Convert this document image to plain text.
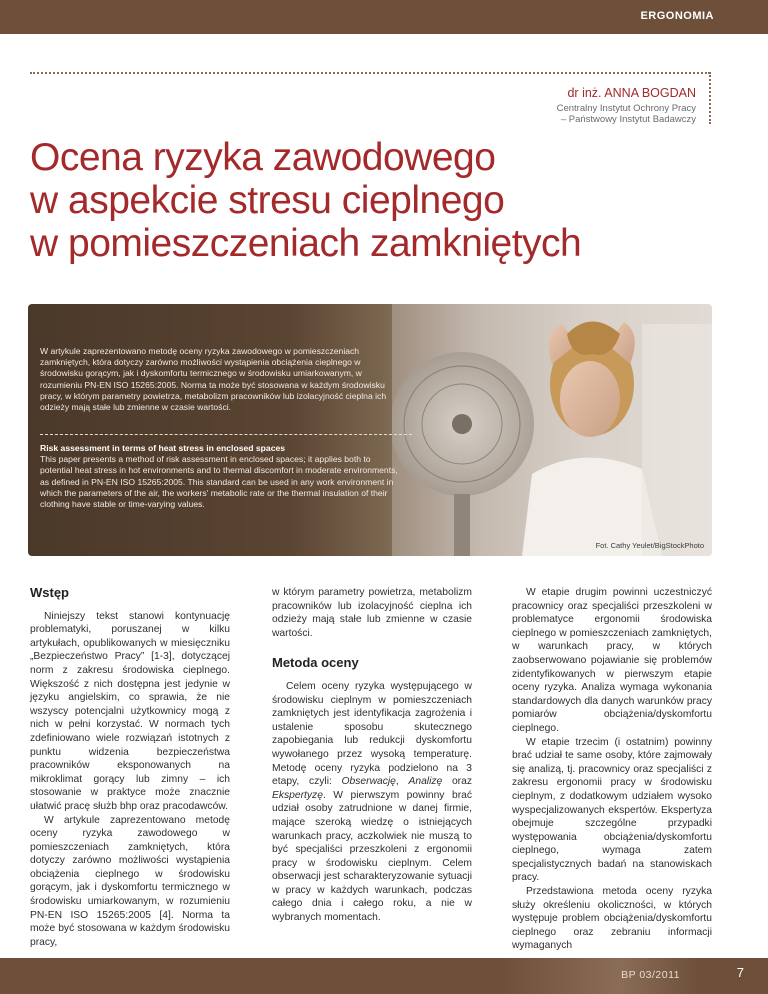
ERGONOMIA
dr inż. ANNA BOGDAN
Centralny Instytut Ochrony Pracy
– Państwowy Instytut Badawczy
Ocena ryzyka zawodowego
w aspekcie stresu cieplnego
w pomieszczeniach zamkniętych
W artykule zaprezentowano metodę oceny ryzyka zawodowego w pomieszczeniach zamkniętych, która dotyczy zarówno możliwości wystąpienia obciążenia cieplnego w środowisku gorącym, jak i dyskomfortu termicznego w środowisku umiarkowanym, w rozumieniu PN-EN ISO 15265:2005. Norma ta może być stosowana w każdym środowisku pracy, w którym parametry powietrza, metabolizm pracowników lub izolacyjność cieplna ich odzieży mają stałe lub zmienne w czasie wartości.
Risk assessment in terms of heat stress in enclosed spaces
This paper presents a method of risk assessment in enclosed spaces; it applies both to potential heat stress in hot environments and to thermal discomfort in moderate environments, as defined in PN-EN ISO 15265:2005. This standard can be used in any work environment in which the parameters of the air, the workers' metabolic rate or the thermal insulation of their clothing have stable or time-varying values.
Fot. Cathy Yeulet/BigStockPhoto
Wstęp

Niniejszy tekst stanowi kontynuację problematyki, poruszanej w kilku artykułach, opublikowanych w miesięczniku „Bezpieczeństwo Pracy” [1-3], dotyczącej norm z zakresu środowiska cieplnego. Większość z nich dostępna jest jedynie w języku angielskim, co sprawia, że nie wszyscy potencjalni użytkownicy mogą z nich w pełni korzystać. W normach tych zdefiniowano wiele rozwiązań istotnych z punktu widzenia bezpieczeństwa pracowników eksponowanych na mikroklimat gorący lub zimny – ich stosowanie w praktyce może znacznie ułatwić pracę służb bhp oraz pracodawców.

W artykule zaprezentowano metodę oceny ryzyka zawodowego w pomieszczeniach zamkniętych, która dotyczy zarówno możliwości wystąpienia obciążenia cieplnego w środowisku gorącym, jak i dyskomfortu termicznego w środowisku umiarkowanym, w rozumieniu PN-EN ISO 15265:2005 [4]. Norma ta może być stosowana w każdym środowisku pracy,

w którym parametry powietrza, metabolizm pracowników lub izolacyjność cieplna ich odzieży mają stałe lub zmienne w czasie wartości.

Metoda oceny

Celem oceny ryzyka występującego w środowisku cieplnym w pomieszczeniach zamkniętych jest identyfikacja zagrożenia i ustalenie sposobu skutecznego zapobiegania lub redukcji dyskomfortu wywołanego przez wysoką temperaturę. Metodę oceny ryzyka podzielono na 3 etapy, czyli: Obserwację, Analizę oraz Ekspertyzę. W pierwszym powinny brać udział osoby zatrudnione w danej firmie, mające szeroką wiedzę o istniejących warunkach pracy, aczkolwiek nie muszą to być specjaliści przeszkoleni z ergonomii pracy w środowisku cieplnym. Celem obserwacji jest scharakteryzowanie sytuacji w pracy w każdych warunkach, podczas całego dnia i całego roku, a nie w wybranych momentach.

W etapie drugim powinni uczestniczyć pracownicy oraz specjaliści przeszkoleni w problematyce ergonomii środowiska cieplnego w pomieszczeniach zamkniętych, w warunkach pracy, w których zaobserwowano pojawianie się problemów zidentyfikowanych w pierwszym etapie oceny ryzyka. Analiza wymaga wykonania standardowych dla danych warunków pracy pomiarów obciążenia/dyskomfortu cieplnego.

W etapie trzecim (i ostatnim) powinny brać udział te same osoby, które zajmowały się analizą, tj. pracownicy oraz specjaliści z zakresu ergonomii pracy w środowisku cieplnym, z dodatkowym udziałem wysoko wyspecjalizowanych ekspertów. Ekspertyza obejmuje szczególne przypadki występowania obciążenia/dyskomfortu cieplnego, wymaga zatem specjalistycznych badań na stanowiskach pracy.

Przedstawiona metoda oceny ryzyka służy określeniu okoliczności, w których występuje problem obciążenia/dyskomfortu cieplnego oraz zebraniu informacji wymaganych

BP 03/2011	7
